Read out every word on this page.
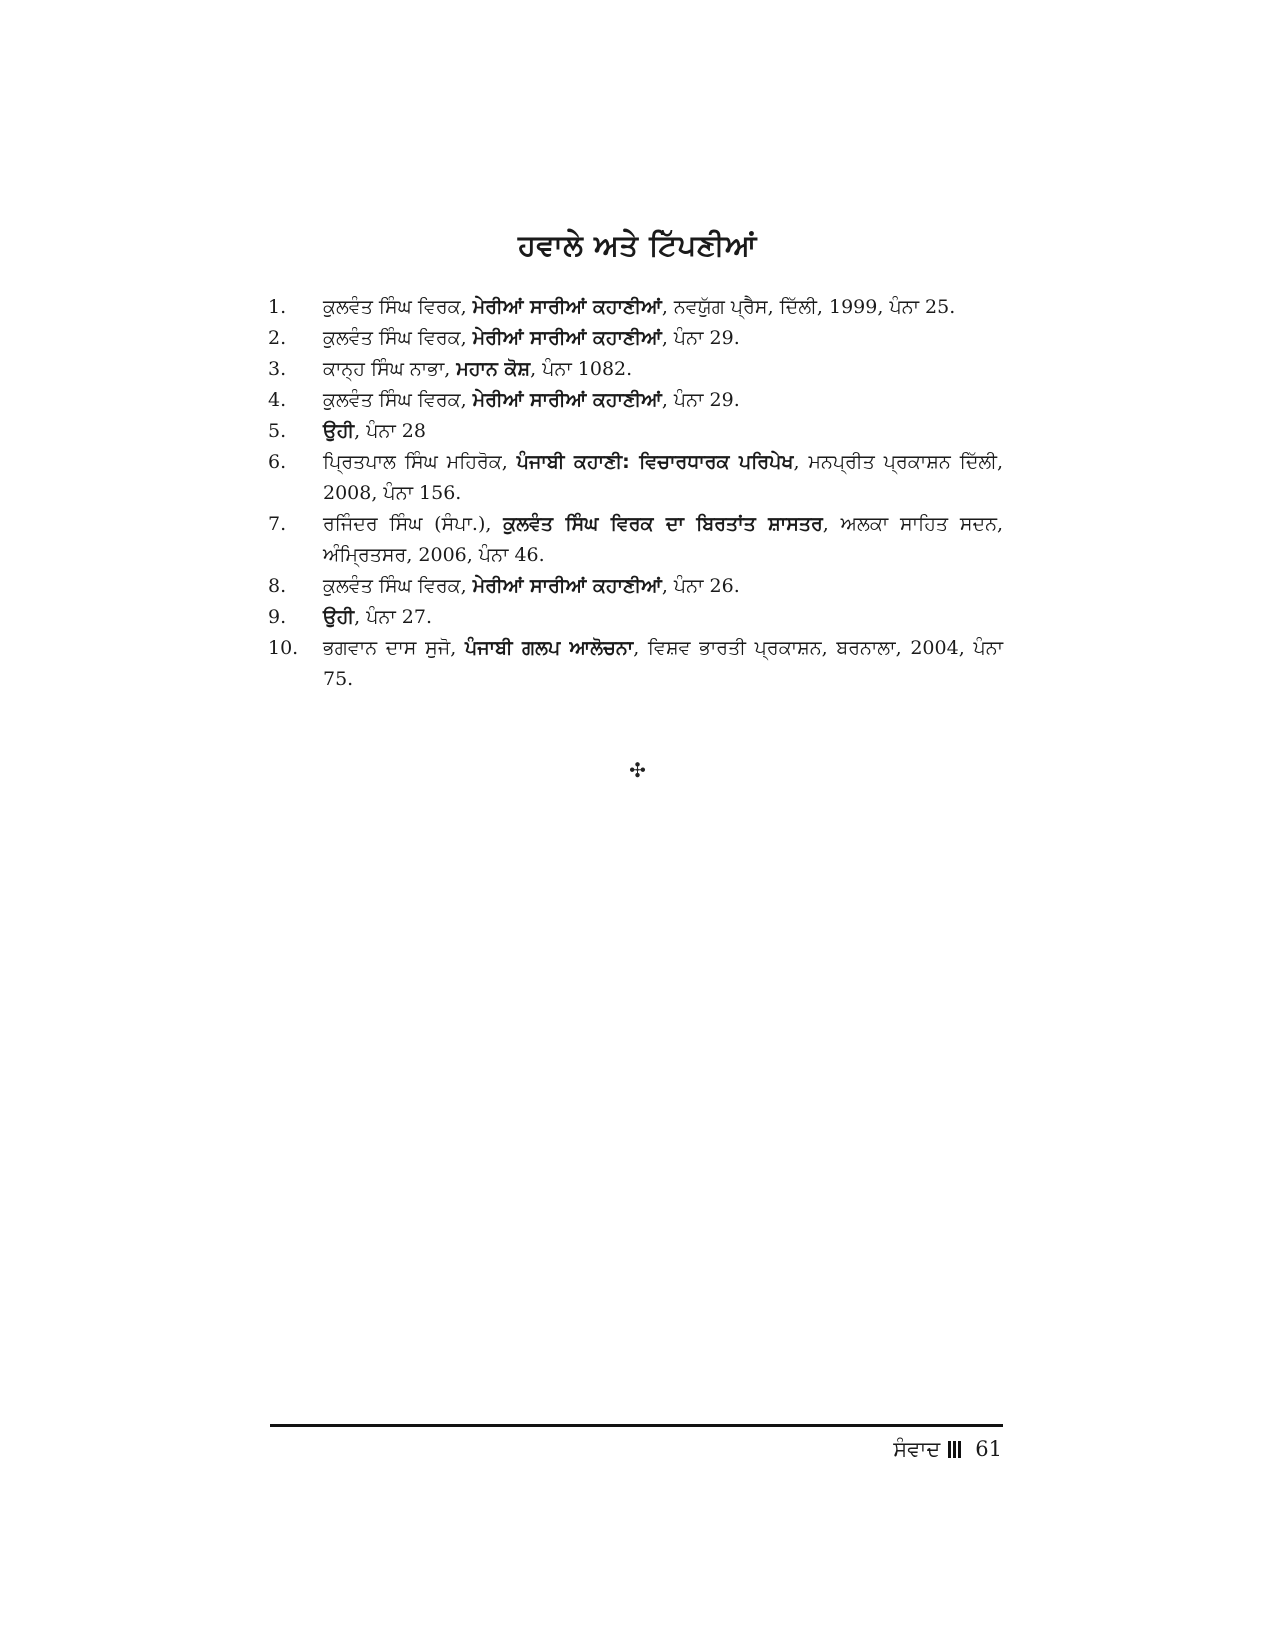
ਹਵਾਲੇ ਅਤੇ ਟਿੱਪਣੀਆਂ
1.	ਕੁਲਵੰਤ ਸਿੰਘ ਵਿਰਕ, ਮੇਰੀਆਂ ਸਾਰੀਆਂ ਕਹਾਣੀਆਂ, ਨਵਯੁੱਗ ਪ੍ਰੈਸ, ਦਿੱਲੀ, 1999, ਪੰਨਾ 25.
2.	ਕੁਲਵੰਤ ਸਿੰਘ ਵਿਰਕ, ਮੇਰੀਆਂ ਸਾਰੀਆਂ ਕਹਾਣੀਆਂ, ਪੰਨਾ 29.
3.	ਕਾਨ੍ਹ ਸਿੰਘ ਨਾਭਾ, ਮਹਾਨ ਕੋਸ਼, ਪੰਨਾ 1082.
4.	ਕੁਲਵੰਤ ਸਿੰਘ ਵਿਰਕ, ਮੇਰੀਆਂ ਸਾਰੀਆਂ ਕਹਾਣੀਆਂ, ਪੰਨਾ 29.
5.	ਉਹੀ, ਪੰਨਾ 28
6.	ਪ੍ਰਿਤਪਾਲ ਸਿੰਘ ਮਹਿਰੋਕ, ਪੰਜਾਬੀ ਕਹਾਣੀ: ਵਿਚਾਰਧਾਰਕ ਪਰਿਪੇਖ, ਮਨਪ੍ਰੀਤ ਪ੍ਰਕਾਸ਼ਨ ਦਿੱਲੀ, 2008, ਪੰਨਾ 156.
7.	ਰਜਿੰਦਰ ਸਿੰਘ (ਸੰਪਾ.), ਕੁਲਵੰਤ ਸਿੰਘ ਵਿਰਕ ਦਾ ਬਿਰਤਾਂਤ ਸ਼ਾਸਤਰ, ਅਲਕਾ ਸਾਹਿਤ ਸਦਨ, ਅੰਮ੍ਰਿਤਸਰ, 2006, ਪੰਨਾ 46.
8.	ਕੁਲਵੰਤ ਸਿੰਘ ਵਿਰਕ, ਮੇਰੀਆਂ ਸਾਰੀਆਂ ਕਹਾਣੀਆਂ, ਪੰਨਾ 26.
9.	ਉਹੀ, ਪੰਨਾ 27.
10.	ਭਗਵਾਨ ਦਾਸ ਸੁਜੋ, ਪੰਜਾਬੀ ਗਲਪ ਆਲੋਚਨਾ, ਵਿਸ਼ਵ ਭਾਰਤੀ ਪ੍ਰਕਾਸ਼ਨ, ਬਰਨਾਲਾ, 2004, ਪੰਨਾ 75.
✣
ਸੰਵਾਦ 61
